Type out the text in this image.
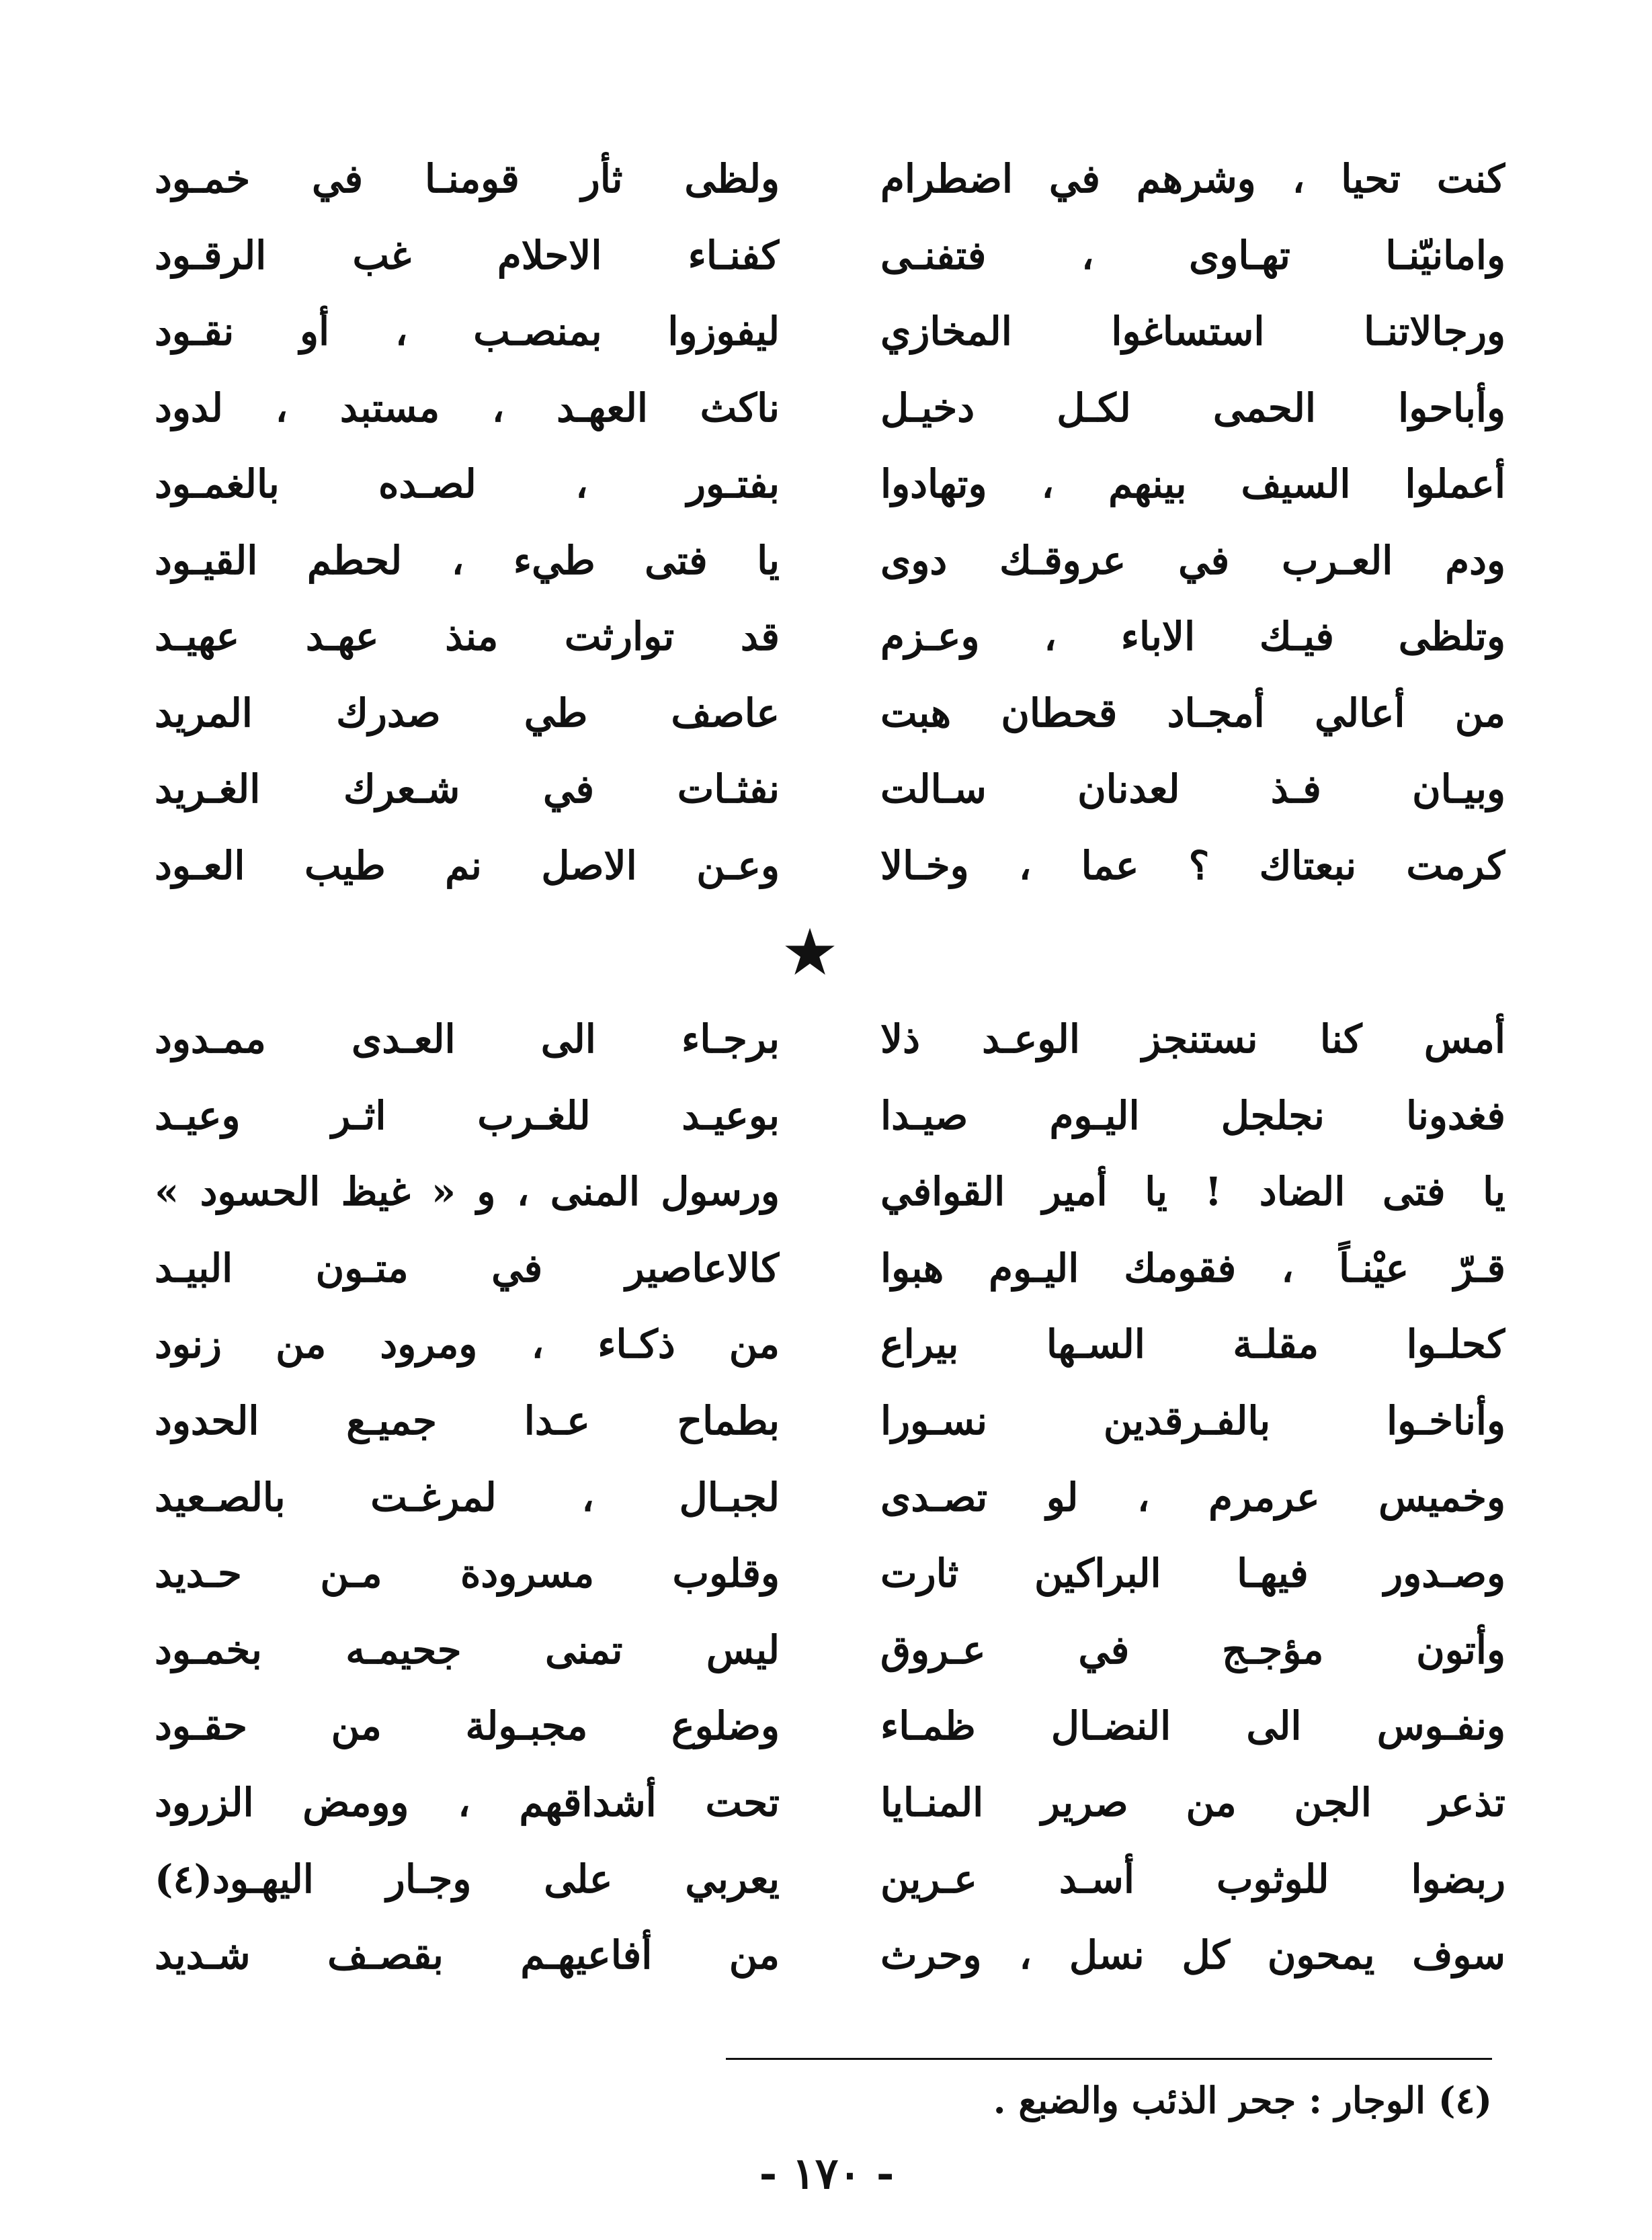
كنت تحيا ، وشرهم في اضطرام
وامانيّنـا تهـاوى ، فتفنـى
ورجالاتنـا استساغوا المخازي
وأباحوا الحمى لكـل دخيـل
أعملوا السيف بينهم ، وتهادوا
ودم العـرب في عروقـك دوى
وتلظى فيـك الاباء ، وعـزم
من أعالي أمجـاد قحطان هبت
وبيـان فـذ لعدنان سـالت
كرمت نبعتاك ؟ عما ، وخـالا
ولظى ثأر قومنـا في خمـود
كفنـاء الاحلام غب الرقـود
ليفوزوا بمنصـب ، أو نقـود
ناكث العهـد ، مستبد ، لدود
بفتـور ، لصـده بالغمـود
يا فتى طيء ، لحطم القيـود
قد توارثت منذ عهـد عهيـد
عاصف طي صدرك المريد
نفثـات في شـعرك الغـريد
وعـن الاصل نم طيب العـود
★
أمس كنا نستنجز الوعـد ذلا
فغدونا نجلجل اليـوم صيـدا
يا فتى الضاد ! يا أمير القوافي
قـرّ عيْنـاً ، فقومك اليـوم هبوا
كحلـوا مقلـة السـها بيراع
وأناخـوا بالفـرقدين نسـورا
وخميس عرمرم ، لو تصـدى
وصـدور فيهـا البراكين ثارت
وأتون مؤجـج في عـروق
ونفـوس الى النضـال ظمـاء
تذعر الجن من صرير المنـايا
ربضوا للوثوب أسـد عـرين
سوف يمحون كل نسل ، وحرث
برجـاء الى العـدى ممـدود
بوعيـد للغـرب اثـر وعيـد
ورسول المنى ، و « غيظ الحسود »
كالاعاصير في متـون البيـد
من ذكـاء ، ومرود من زنود
بطماح عـدا جميـع الحدود
لجبـال ، لمرغـت بالصـعيد
وقلوب مسرودة مـن حـديد
ليس تمنى جحيمـه بخمـود
وضلوع مجبـولة من حقـود
تحت أشداقهم ، وومض الزرود
يعربي على وجـار اليهـود(٤)
من أفاعيهـم بقصـف شـديد
(٤) الوجار : جحر الذئب والضبع .
- ١٧٠ -
